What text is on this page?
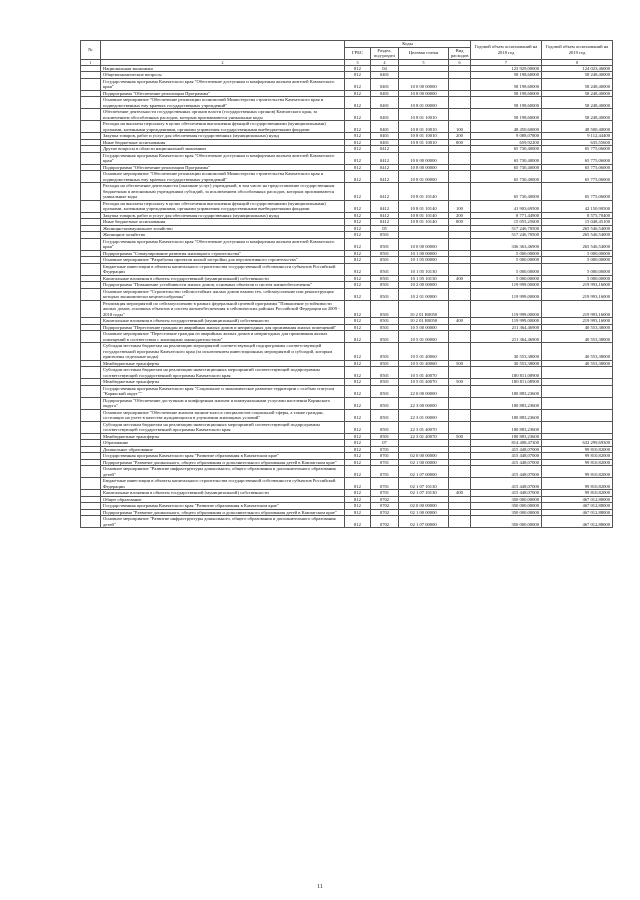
№		Коды				Годовой объем ассигнований на 2018 год	Годовой объем ассигнований на 2019 год
		ГРБС	Раздел, под-раздел	Целевая статья	Вид расходов		
1	2	3	4	5	6	7	8
	Национальная экономика	812	04			123 929,00000	124 023,46000
	Общеэкономические вопросы	812	0401			58 198,60000	58 248,40000
	Государственная программа Камчатского края "Обеспечение доступным и комфортным жильем жителей Камчатского края"	812	0401	10 0 00 00000		58 198,60000	58 248,40000
	Подпрограмма "Обеспечение реализации Программы"	812	0401	10 8 00 00000		58 198,60000	58 248,40000
	Основное мероприятие "Обеспечение реализации полномочий Министерства строительства Камчатского края и подведомственных ему краевых государственных учреждений"	812	0401	10 8 01 00000		58 198,60000	58 248,40000
	Обеспечение деятельности государственных органов власти (государственных органов) Камчатского края, за исключением обособленных расходов, которым присваиваются уникальные коды	812	0401	10 8 01 10010		58 198,60000	58 248,40000
	Расходы на выплаты персоналу в целях обеспечения выполнения функций государственными (муниципальными) органами, казенными учреждениями, органами управления государственными внебюджетными фондами	812	0401	10 8 01 10010	100	48 450,60000	48 500,40000
	Закупка товаров, работ и услуг для обеспечения государственных (муниципальных) нужд	812	0401	10 8 01 10010	200	9 088,07800	9 112,44400
	Иные бюджетные ассигнования	812	0401	10 8 01 10010	800	659,92200	635,55600
	Другие вопросы в области национальной экономики	812	0412			65 730,40000	65 775,06000
	Государственная программа Камчатского края "Обеспечение доступным и комфортным жильем жителей Камчатского края"	812	0412	10 0 00 00000		65 730,40000	65 775,06000
	Подпрограмма "Обеспечение реализации Программы"	812	0412	10 8 00 00000		65 730,40000	65 775,06000
	Основное мероприятие "Обеспечение реализации полномочий Министерства строительства Камчатского края и подведомственных ему краевых государственных учреждений"	812	0412	10 8 01 00000		65 730,40000	65 775,06000
	Расходы на обеспечение деятельности (оказание услуг) учреждений, в том числе на предоставление государственным бюджетным и автономным учреждениям субсидий, за исключением обособленных расходов, которым присваиваются уникальные коды	812	0412	10 8 01 10140		65 730,40000	65 775,06000
	Расходы на выплаты персоналу в целях обеспечения выполнения функций государственными (муниципальными) органами, казенными учреждениями, органами управления государственными внебюджетными фондами	812	0412	10 8 01 10140	100	41 903,69500	42 150,90500
	Закупка товаров, работ и услуг для обеспечения государственных (муниципальных) нужд	812	0412	10 8 01 10140	200	8 771,44900	8 575,70400
	Иные бюджетные ассигнования	812	0412	10 8 01 10140	800	15 055,25600	15 048,45100
	Жилищно-коммунальное хозяйство	812	05			517 246,70500	265 546,54000
	Жилищное хозяйство	812	0501			517 246,70500	265 546,54000
	Государственная программа Камчатского края "Обеспечение доступным и комфортным жильем жителей Камчатского края"	812	0501	10 0 00 00000		336 363,46900	265 546,54000
	Подпрограмма "Стимулирование развития жилищного строительства"	812	0501	10 1 00 00000		5 000,00000	5 000,00000
	Основное мероприятие "Разработка проектов жилой застройки для перспективного строительства"	812	0501	10 1 05 00000		5 000,00000	5 000,00000
	Бюджетные инвестиции в объекты капитального строительства государственной собственности субъектов Российской Федерации	812	0501	10 1 05 10130		5 000,00000	5 000,00000
	Капитальные вложения в объекты государственной (муниципальной) собственности	812	0501	10 1 05 10130	400	5 000,00000	5 000,00000
	Подпрограмма "Повышение устойчивости жилых домов, основных объектов и систем жизнеобеспечения"	812	0501	10 2 00 00000		119 999,00000	219 993,16000
	Основное мероприятие "Строительство сейсмостойких жилых домов взамен тех, сейсмоусиление или реконструкция которых экономически нецелесообразны"	812	0501	10 2 01 00000		119 999,00000	219 993,16000
	Реализация мероприятий по сейсмоусилению в рамках федеральной целевой программы "Повышение устойчивости жилых домов, основных объектов и систем жизнеобеспечения в сейсмических районах Российской Федерации на 2009 - 2018 годы"	812	0501	10 2 01 R0050		119 999,00000	219 993,16000
	Капитальные вложения в объекты государственной (муниципальной) собственности	812	0501	10 2 01 R0050	400	119 999,00000	219 993,16000
	Подпрограмма "Переселение граждан из аварийных жилых домов и непригодных для проживания жилых помещений"	812	0501	10 5 00 00000		211 364,46900	40 553,38000
	Основное мероприятие "Переселение граждан из аварийных жилых домов и непригодных для проживания жилых помещений в соответствии с жилищным законодательством"	812	0501	10 5 01 00000		211 364,46900	40 553,38000
	Субсидии местным бюджетам на реализацию мероприятий соответствующей подпрограммы соответствующей государственной программы Камчатского края (за исключением инвестиционных мероприятий и субсидий, которым присвоены отдельные коды)	812	0501	10 5 01 40060		30 553,38000	40 553,38000
	Межбюджетные трансферты	812	0501	10 5 01 40060	500	30 553,38000	40 553,38000
	Субсидии местным бюджетам на реализацию инвестиционных мероприятий соответствующей подпрограммы соответствующей государственной программы Камчатского края	812	0501	10 5 01 40070		180 811,08900	
	Межбюджетные трансферты	812	0501	10 5 01 40070	500	180 811,08900	
	Государственная программа Камчатского края "Социальное и экономическое развитие территории с особым статусом "Корякский округ""	812	0501	22 0 00 00000		180 883,23600	
	Подпрограмма "Обеспечение доступным и комфортным жильем и коммунальными услугами населения Корякского округа"	812	0501	22 3 00 00000		180 883,23600	
	Основное мероприятие "Обеспечение жильем эконом-класса специалистов социальной сферы, а также граждан, состоящих на учете в качестве нуждающихся в улучшении жилищных условий"	812	0501	22 3 01 00000		180 883,23600	
	Субсидии местным бюджетам на реализацию инвестиционных мероприятий соответствующей подпрограммы соответствующей государственной программы Камчатского края	812	0501	22 3 01 40070		180 883,23600	
	Межбюджетные трансферты	812	0501	22 3 01 40070	500	180 883,23600	
	Образование	812	07			814 408,47300	632 299,69300
	Дошкольное образование	812	0701			415 448,07000	99 810,82000
	Государственная программа Камчатского края "Развитие образования в Камчатском крае"	812	0701	02 0 00 00000		415 448,07000	99 810,82000
	Подпрограмма "Развитие дошкольного, общего образования и дополнительного образования детей в Камчатском крае"	812	0701	02 1 00 00000		415 448,07000	99 810,82000
	Основное мероприятие "Развитие инфраструктуры дошкольного, общего образования и дополнительного образования детей"	812	0701	02 1 07 00000		415 448,07000	99 810,82000
	Бюджетные инвестиции в объекты капитального строительства государственной собственности субъектов Российской Федерации	812	0701	02 1 07 10130		415 448,07000	99 810,82000
	Капитальные вложения в объекты государственной (муниципальной) собственности	812	0701	02 1 07 10130	400	415 448,07000	99 810,82000
	Общее образование	812	0702			350 000,00000	467 012,88000
	Государственная программа Камчатского края "Развитие образования в Камчатском крае"	812	0702	02 0 00 00000		350 000,00000	467 012,88000
	Подпрограмма "Развитие дошкольного, общего образования и дополнительного образования детей в Камчатском крае"	812	0702	02 1 00 00000		350 000,00000	467 012,88000
	Основное мероприятие "Развитие инфраструктуры дошкольного, общего образования и дополнительного образования детей"	812	0702	02 1 07 00000		350 000,00000	467 012,88000
11
